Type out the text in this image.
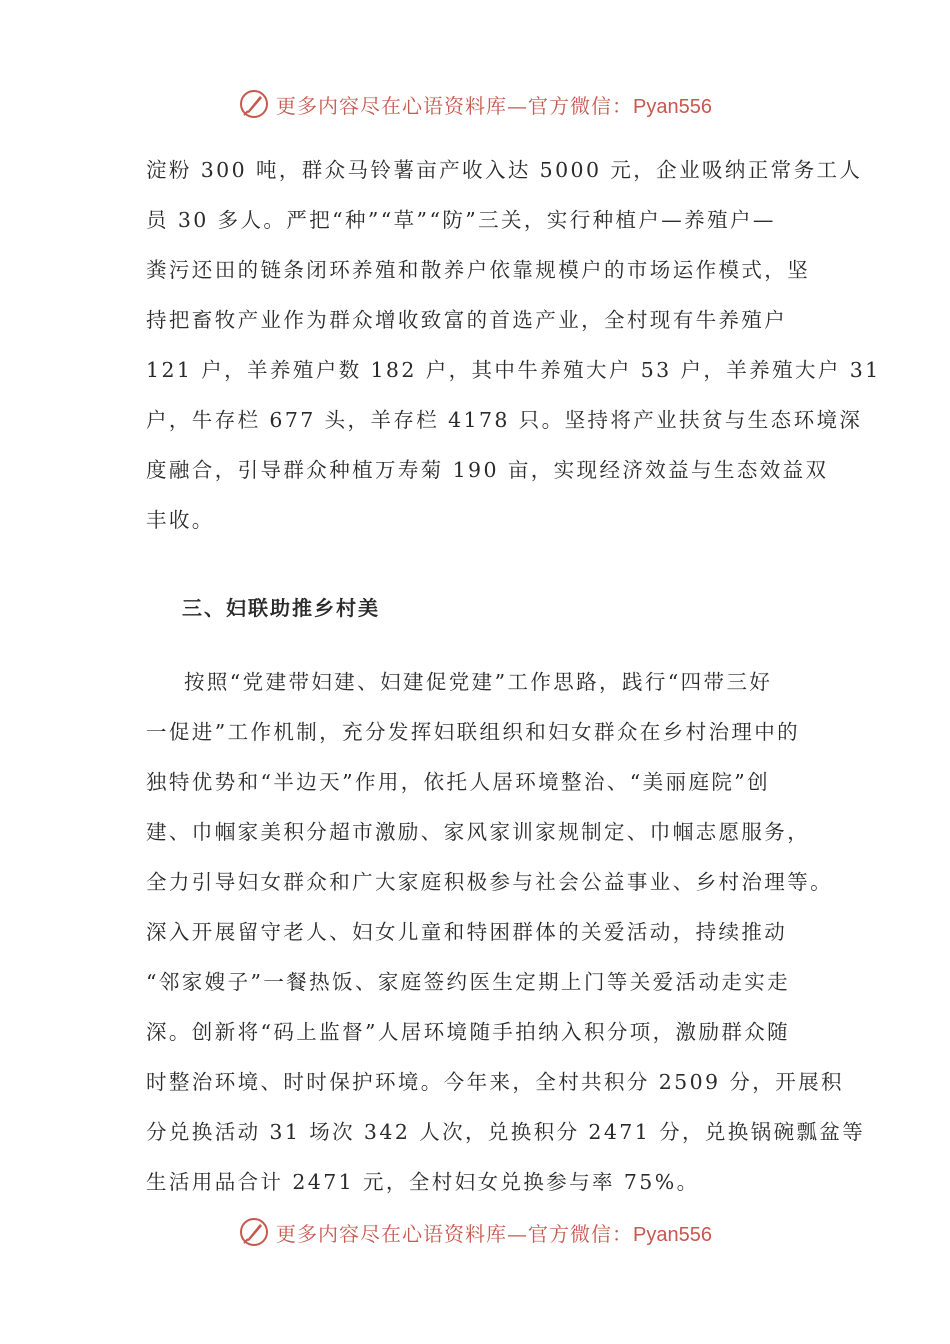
更多内容尽在心语资料库—官方微信：Pyan556
淀粉 300 吨，群众马铃薯亩产收入达 5000 元，企业吸纳正常务工人
员 30 多人。严把“种”“草”“防”三关，实行种植户—养殖户—
粪污还田的链条闭环养殖和散养户依靠规模户的市场运作模式，坚
持把畜牧产业作为群众增收致富的首选产业，全村现有牛养殖户
121 户，羊养殖户数 182 户，其中牛养殖大户 53 户，羊养殖大户 31
户，牛存栏 677 头，羊存栏 4178 只。坚持将产业扶贫与生态环境深
度融合，引导群众种植万寿菊 190 亩，实现经济效益与生态效益双
丰收。
三、妇联助推乡村美
按照“党建带妇建、妇建促党建”工作思路，践行“四带三好
一促进”工作机制，充分发挥妇联组织和妇女群众在乡村治理中的
独特优势和“半边天”作用，依托人居环境整治、“美丽庭院”创
建、巾帼家美积分超市激励、家风家训家规制定、巾帼志愿服务，
全力引导妇女群众和广大家庭积极参与社会公益事业、乡村治理等。
深入开展留守老人、妇女儿童和特困群体的关爱活动，持续推动
“邻家嫂子”一餐热饭、家庭签约医生定期上门等关爱活动走实走
深。创新将“码上监督”人居环境随手拍纳入积分项，激励群众随
时整治环境、时时保护环境。今年来，全村共积分 2509 分，开展积
分兑换活动 31 场次 342 人次，兑换积分 2471 分，兑换锅碗瓢盆等
生活用品合计 2471 元，全村妇女兑换参与率 75%。
更多内容尽在心语资料库—官方微信：Pyan556
